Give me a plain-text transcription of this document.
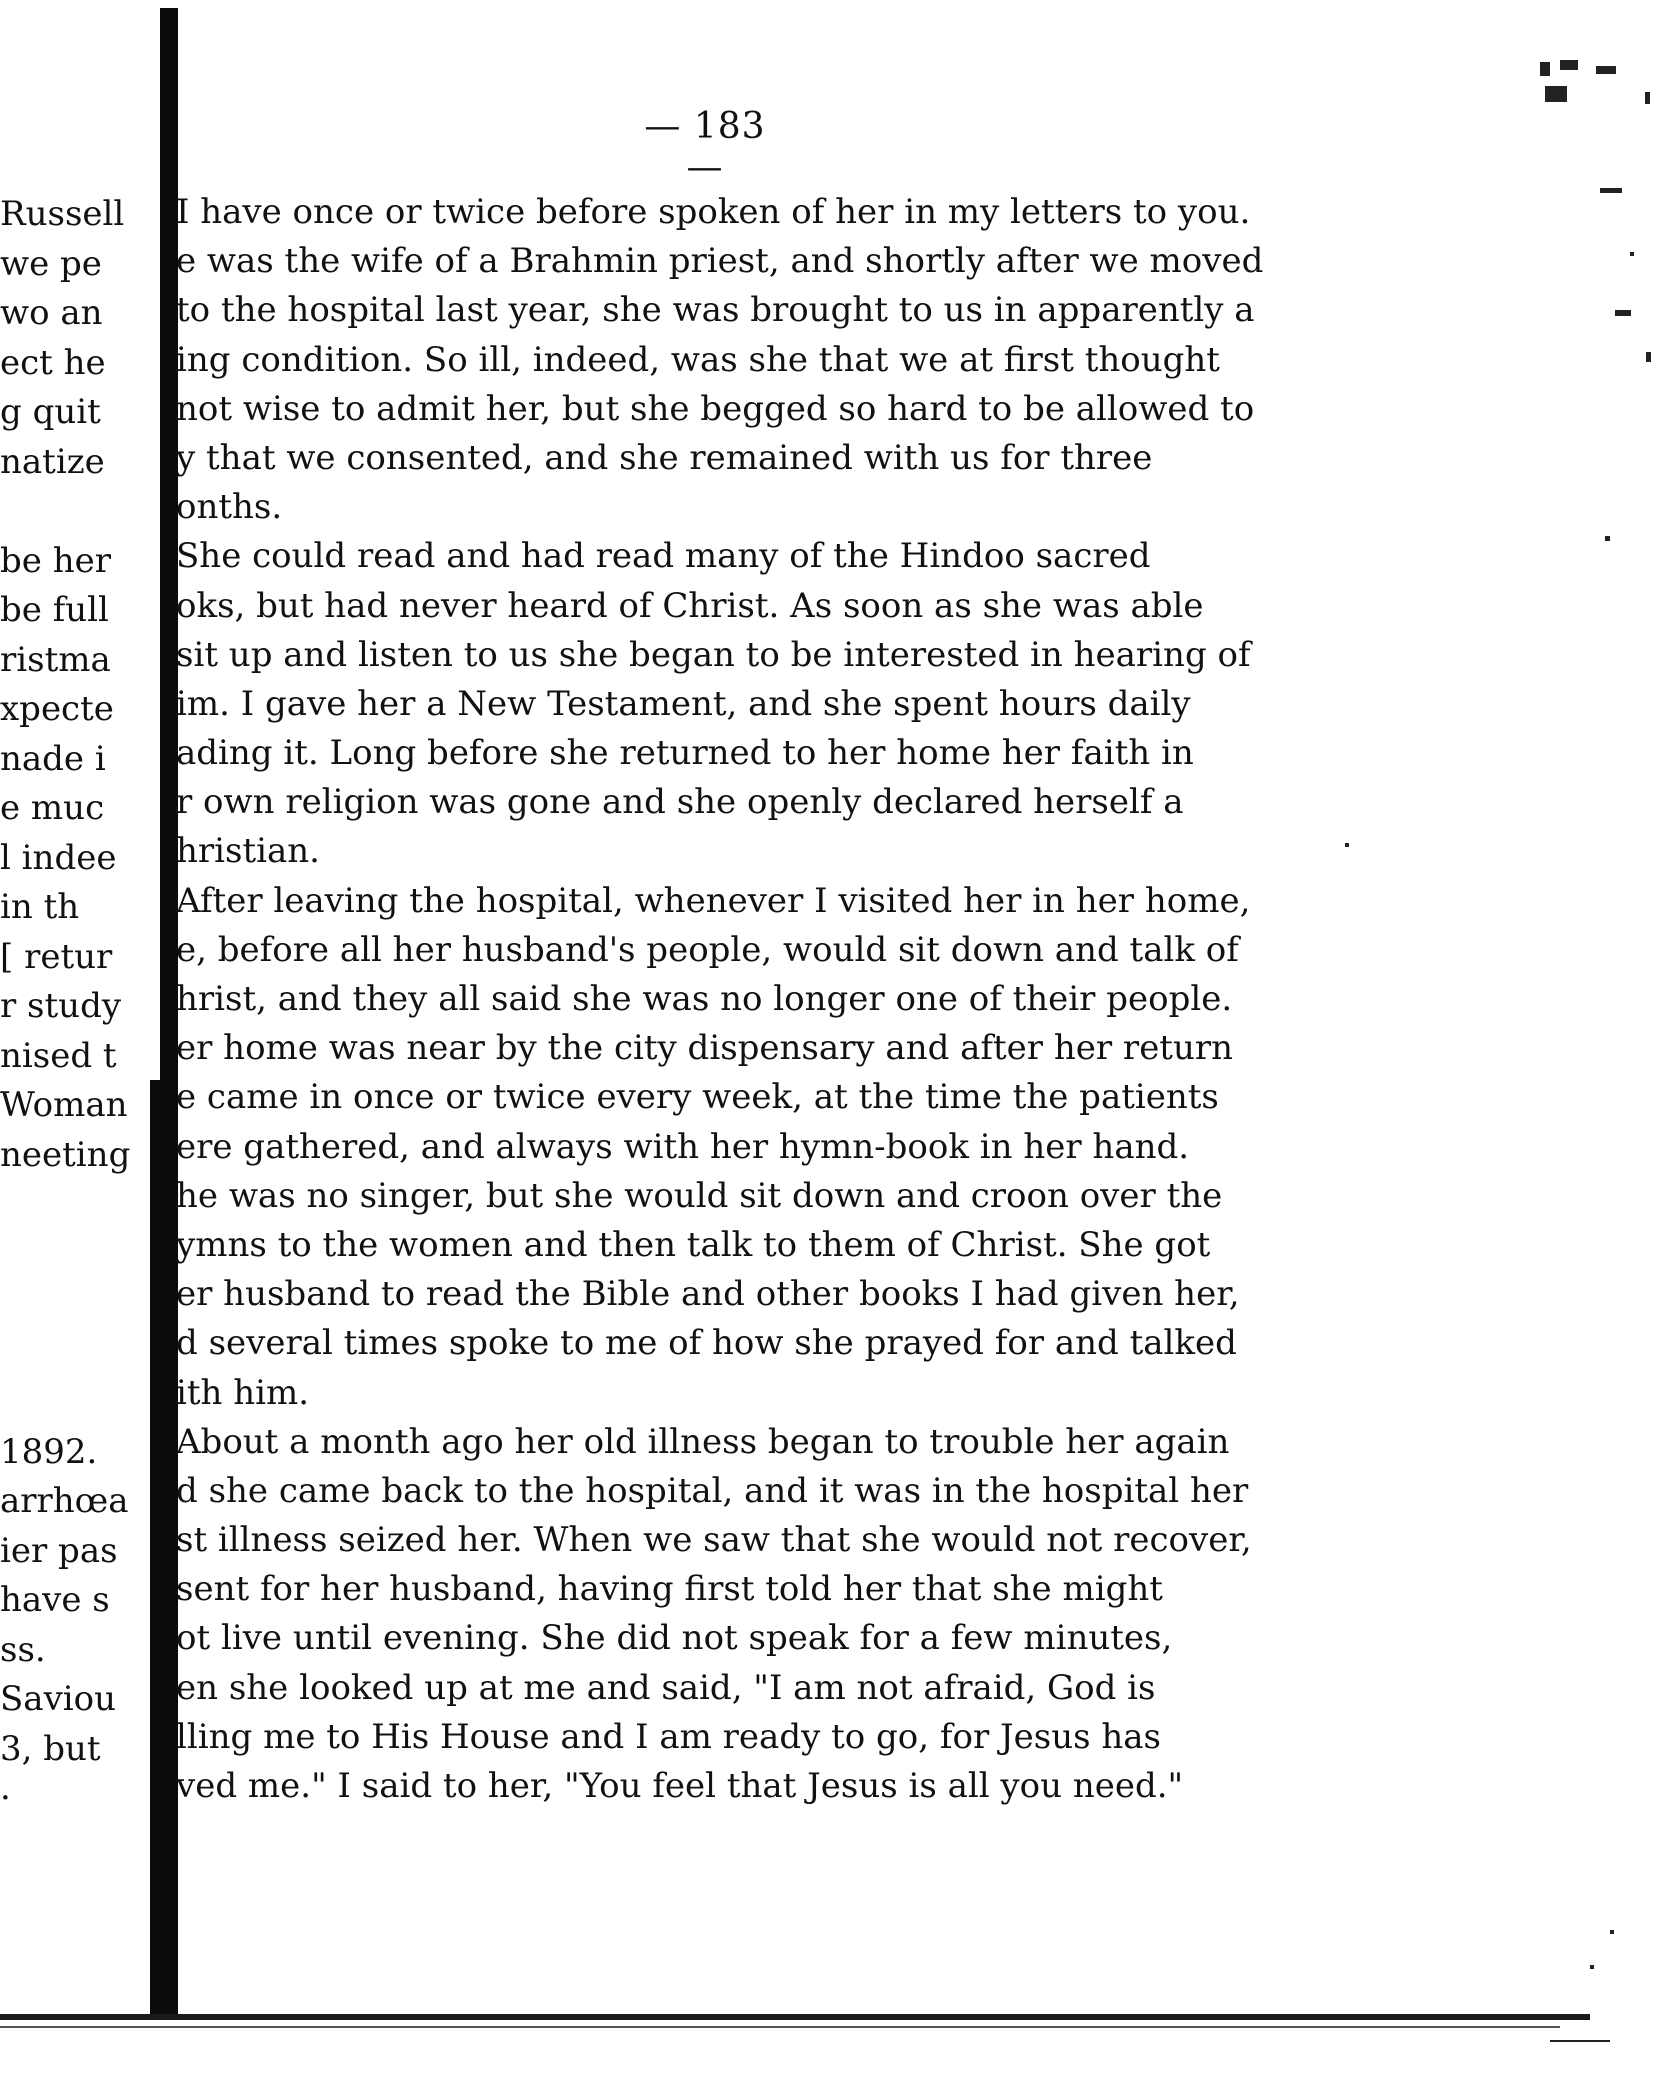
— 183 —
Russell
we pe
wo an
ect he
g quit
natize
be her
be full
ristma
xpecte
nade i
e muc
l indee
in th
[ retur
r study
nised t
Woman
neeting
1892.
arrhœa
ier pas
have s
ss.
Saviou
3, but
·
I have once or twice before spoken of her in my letters to you.
e was the wife of a Brahmin priest, and shortly after we moved
to the hospital last year, she was brought to us in apparently a
ing condition. So ill, indeed, was she that we at first thought
not wise to admit her, but she begged so hard to be allowed to
y that we consented, and she remained with us for three
onths.
She could read and had read many of the Hindoo sacred
oks, but had never heard of Christ. As soon as she was able
sit up and listen to us she began to be interested in hearing of
im. I gave her a New Testament, and she spent hours daily
ading it. Long before she returned to her home her faith in
r own religion was gone and she openly declared herself a
hristian.
After leaving the hospital, whenever I visited her in her home,
e, before all her husband's people, would sit down and talk of
hrist, and they all said she was no longer one of their people.
er home was near by the city dispensary and after her return
e came in once or twice every week, at the time the patients
ere gathered, and always with her hymn-book in her hand.
he was no singer, but she would sit down and croon over the
ymns to the women and then talk to them of Christ. She got
er husband to read the Bible and other books I had given her,
d several times spoke to me of how she prayed for and talked
ith him.
About a month ago her old illness began to trouble her again
d she came back to the hospital, and it was in the hospital her
st illness seized her. When we saw that she would not recover,
sent for her husband, having first told her that she might
ot live until evening. She did not speak for a few minutes,
en she looked up at me and said, "I am not afraid, God is
lling me to His House and I am ready to go, for Jesus has
ved me." I said to her, "You feel that Jesus is all you need."
